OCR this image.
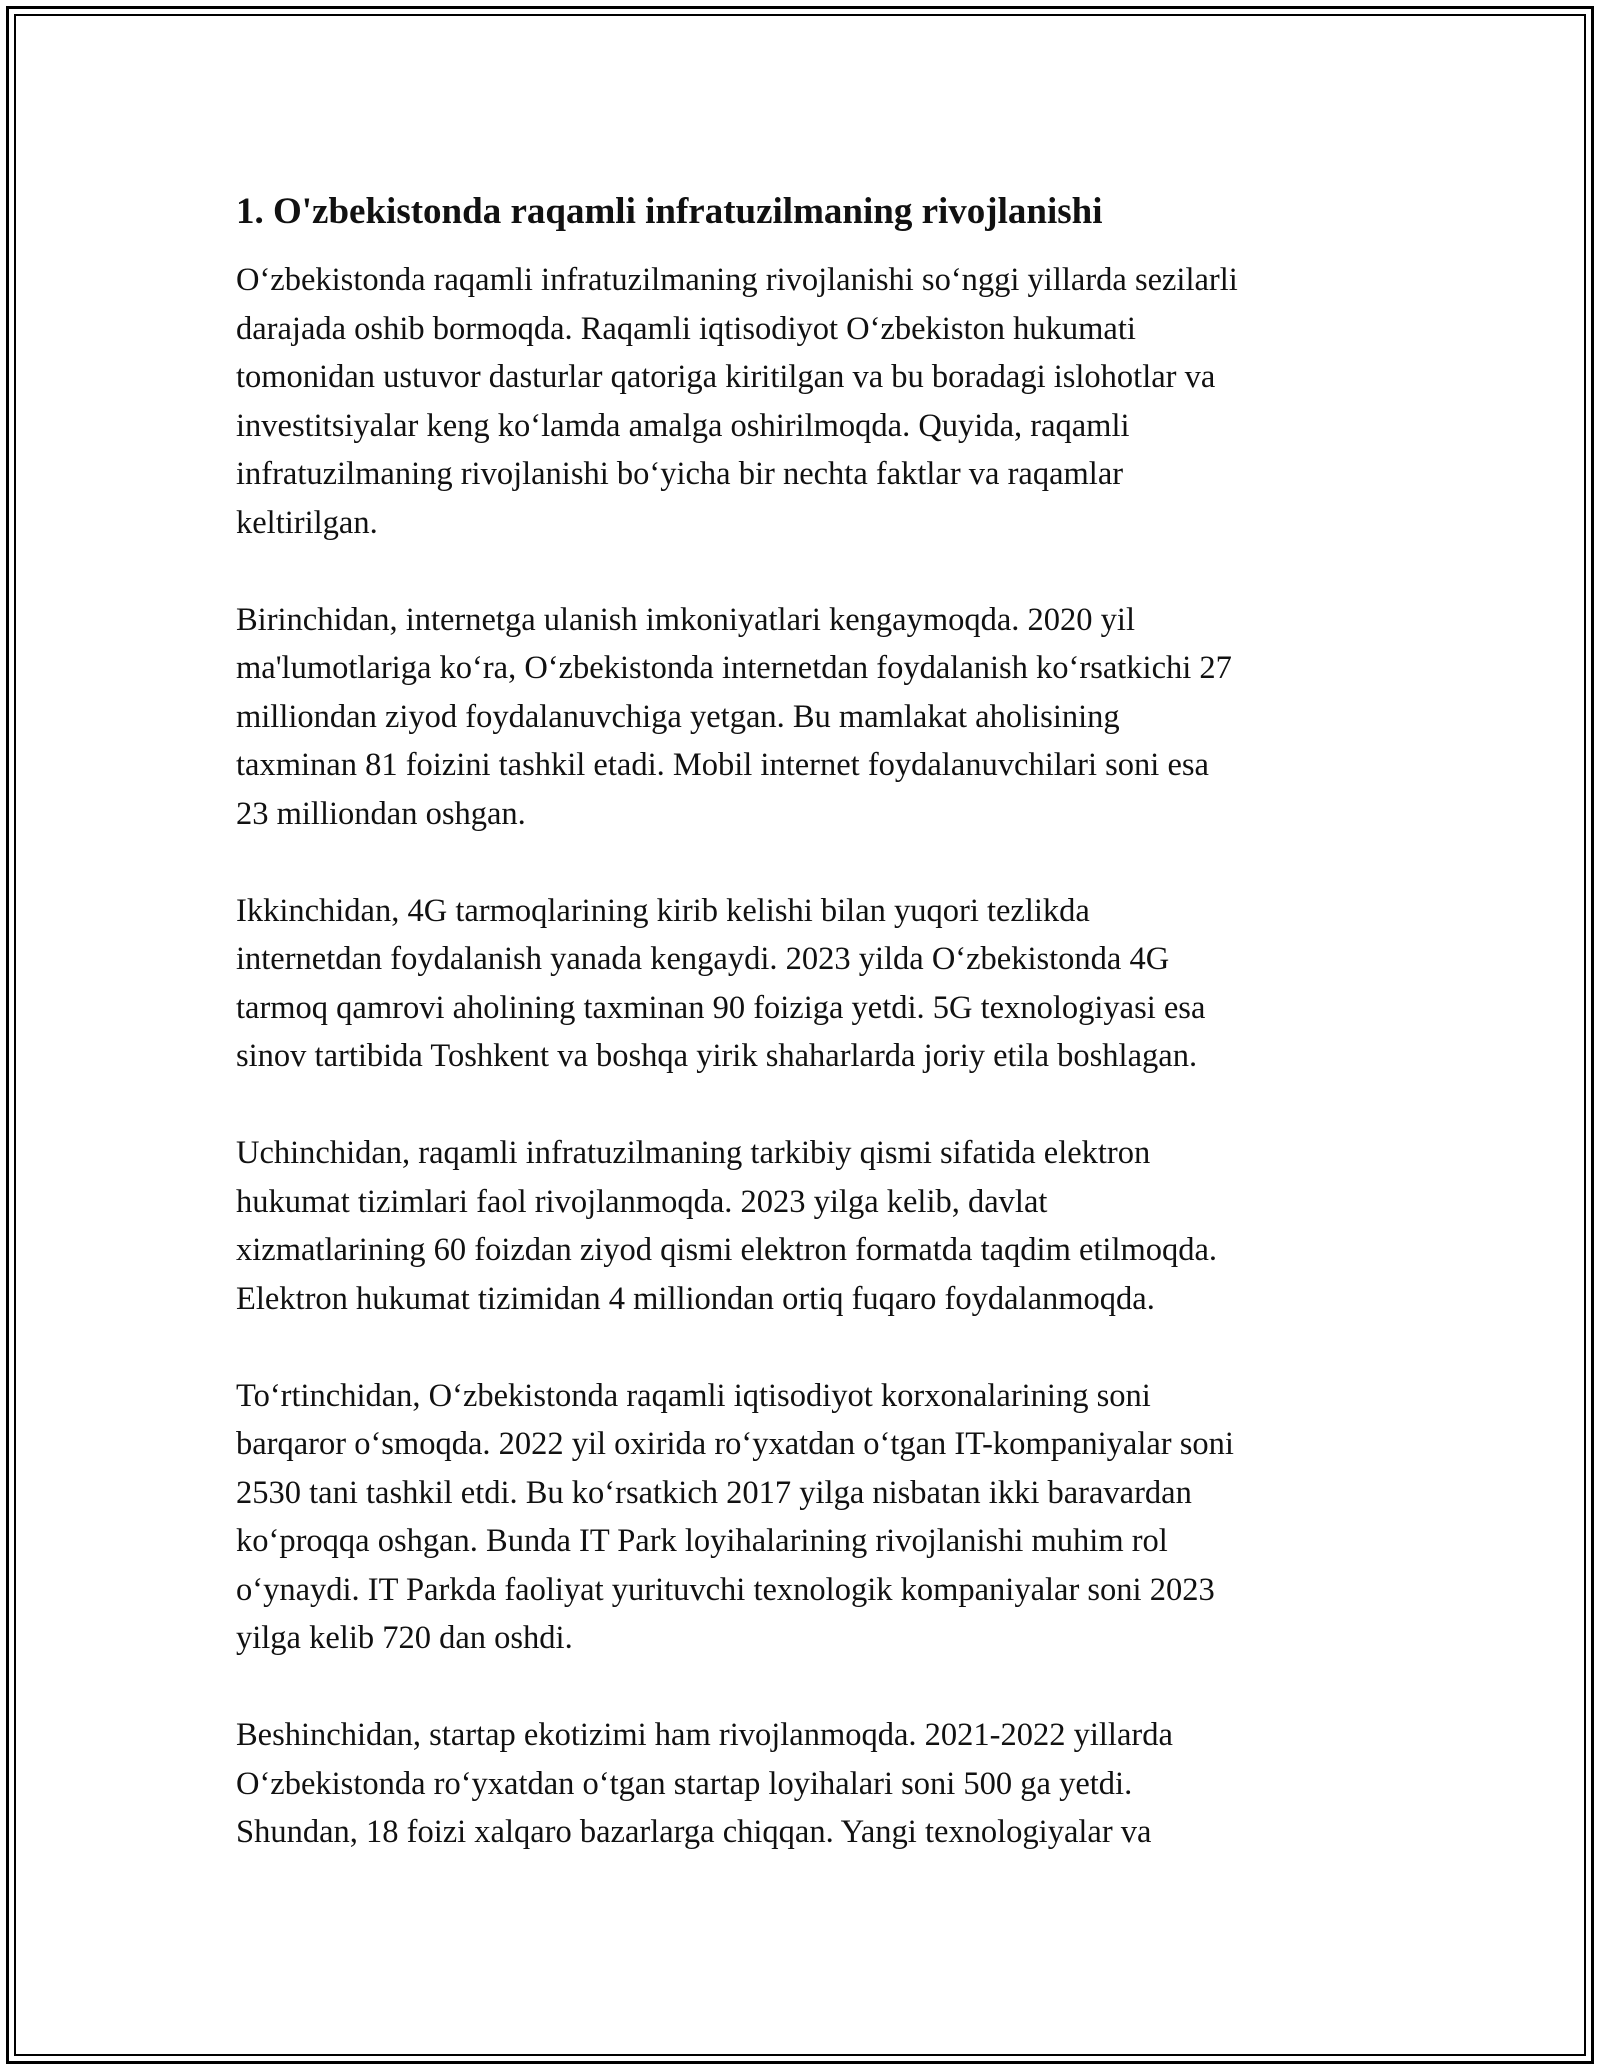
1. O'zbekistonda raqamli infratuzilmaning rivojlanishi

O‘zbekistonda raqamli infratuzilmaning rivojlanishi so‘nggi yillarda sezilarli
darajada oshib bormoqda. Raqamli iqtisodiyot O‘zbekiston hukumati
tomonidan ustuvor dasturlar qatoriga kiritilgan va bu boradagi islohotlar va
investitsiyalar keng ko‘lamda amalga oshirilmoqda. Quyida, raqamli
infratuzilmaning rivojlanishi bo‘yicha bir nechta faktlar va raqamlar
keltirilgan.

Birinchidan, internetga ulanish imkoniyatlari kengaymoqda. 2020 yil
ma'lumotlariga ko‘ra, O‘zbekistonda internetdan foydalanish ko‘rsatkichi 27
milliondan ziyod foydalanuvchiga yetgan. Bu mamlakat aholisining
taxminan 81 foizini tashkil etadi. Mobil internet foydalanuvchilari soni esa
23 milliondan oshgan.

Ikkinchidan, 4G tarmoqlarining kirib kelishi bilan yuqori tezlikda
internetdan foydalanish yanada kengaydi. 2023 yilda O‘zbekistonda 4G
tarmoq qamrovi aholining taxminan 90 foiziga yetdi. 5G texnologiyasi esa
sinov tartibida Toshkent va boshqa yirik shaharlarda joriy etila boshlagan.

Uchinchidan, raqamli infratuzilmaning tarkibiy qismi sifatida elektron
hukumat tizimlari faol rivojlanmoqda. 2023 yilga kelib, davlat
xizmatlarining 60 foizdan ziyod qismi elektron formatda taqdim etilmoqda.
Elektron hukumat tizimidan 4 milliondan ortiq fuqaro foydalanmoqda.

To‘rtinchidan, O‘zbekistonda raqamli iqtisodiyot korxonalarining soni
barqaror o‘smoqda. 2022 yil oxirida ro‘yxatdan o‘tgan IT-kompaniyalar soni
2530 tani tashkil etdi. Bu ko‘rsatkich 2017 yilga nisbatan ikki baravardan
ko‘proqqa oshgan. Bunda IT Park loyihalarining rivojlanishi muhim rol
o‘ynaydi. IT Parkda faoliyat yurituvchi texnologik kompaniyalar soni 2023
yilga kelib 720 dan oshdi.

Beshinchidan, startap ekotizimi ham rivojlanmoqda. 2021-2022 yillarda
O‘zbekistonda ro‘yxatdan o‘tgan startap loyihalari soni 500 ga yetdi.
Shundan, 18 foizi xalqaro bazarlarga chiqqan. Yangi texnologiyalar va
